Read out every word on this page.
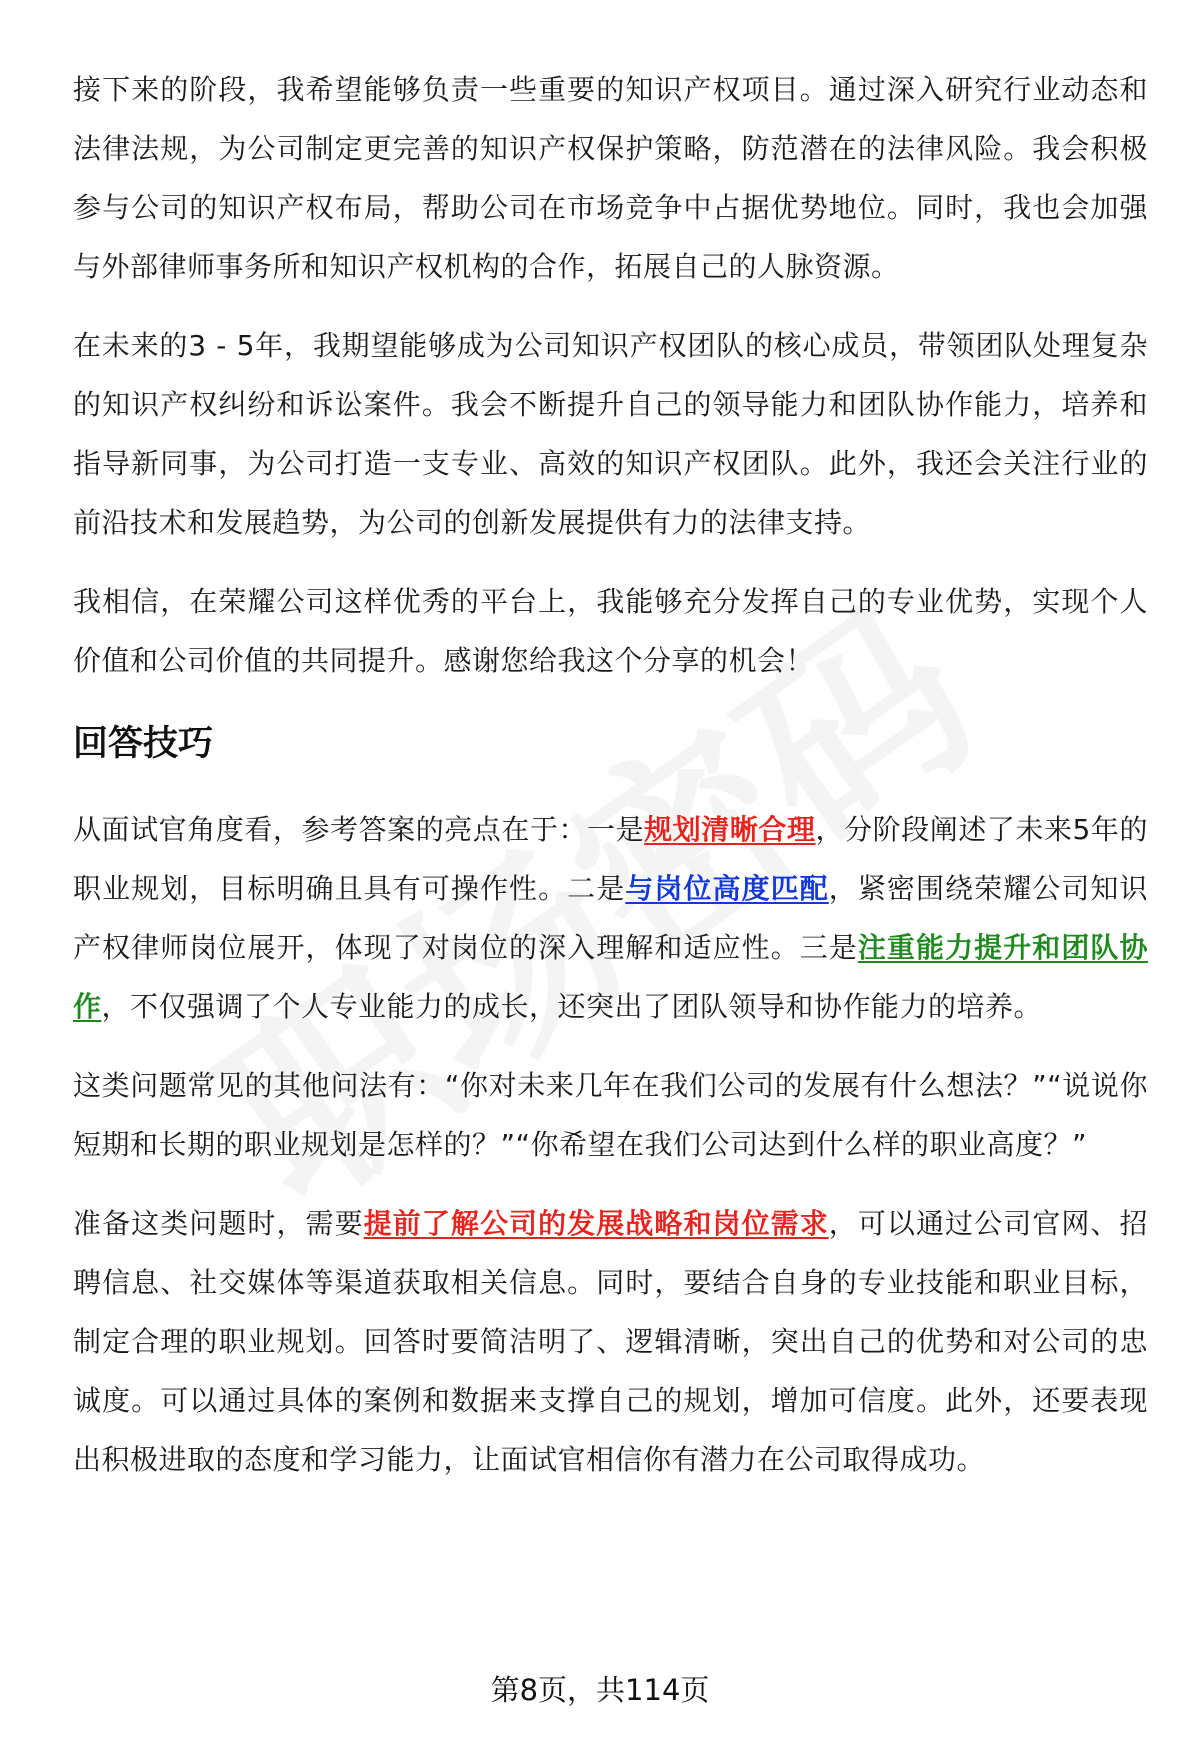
接下来的阶段，我希望能够负责一些重要的知识产权项目。通过深入研究行业动态和法律法规，为公司制定更完善的知识产权保护策略，防范潜在的法律风险。我会积极参与公司的知识产权布局，帮助公司在市场竞争中占据优势地位。同时，我也会加强与外部律师事务所和知识产权机构的合作，拓展自己的人脉资源。

在未来的3 - 5年，我期望能够成为公司知识产权团队的核心成员，带领团队处理复杂的知识产权纠纷和诉讼案件。我会不断提升自己的领导能力和团队协作能力，培养和指导新同事，为公司打造一支专业、高效的知识产权团队。此外，我还会关注行业的前沿技术和发展趋势，为公司的创新发展提供有力的法律支持。

我相信，在荣耀公司这样优秀的平台上，我能够充分发挥自己的专业优势，实现个人价值和公司价值的共同提升。感谢您给我这个分享的机会！

回答技巧

从面试官角度看，参考答案的亮点在于：一是规划清晰合理，分阶段阐述了未来5年的职业规划，目标明确且具有可操作性。二是与岗位高度匹配，紧密围绕荣耀公司知识产权律师岗位展开，体现了对岗位的深入理解和适应性。三是注重能力提升和团队协作，不仅强调了个人专业能力的成长，还突出了团队领导和协作能力的培养。

这类问题常见的其他问法有：“你对未来几年在我们公司的发展有什么想法？”“说说你短期和长期的职业规划是怎样的？”“你希望在我们公司达到什么样的职业高度？”

准备这类问题时，需要提前了解公司的发展战略和岗位需求，可以通过公司官网、招聘信息、社交媒体等渠道获取相关信息。同时，要结合自身的专业技能和职业目标，制定合理的职业规划。回答时要简洁明了、逻辑清晰，突出自己的优势和对公司的忠诚度。可以通过具体的案例和数据来支撑自己的规划，增加可信度。此外，还要表现出积极进取的态度和学习能力，让面试官相信你有潜力在公司取得成功。

第8页，共114页
